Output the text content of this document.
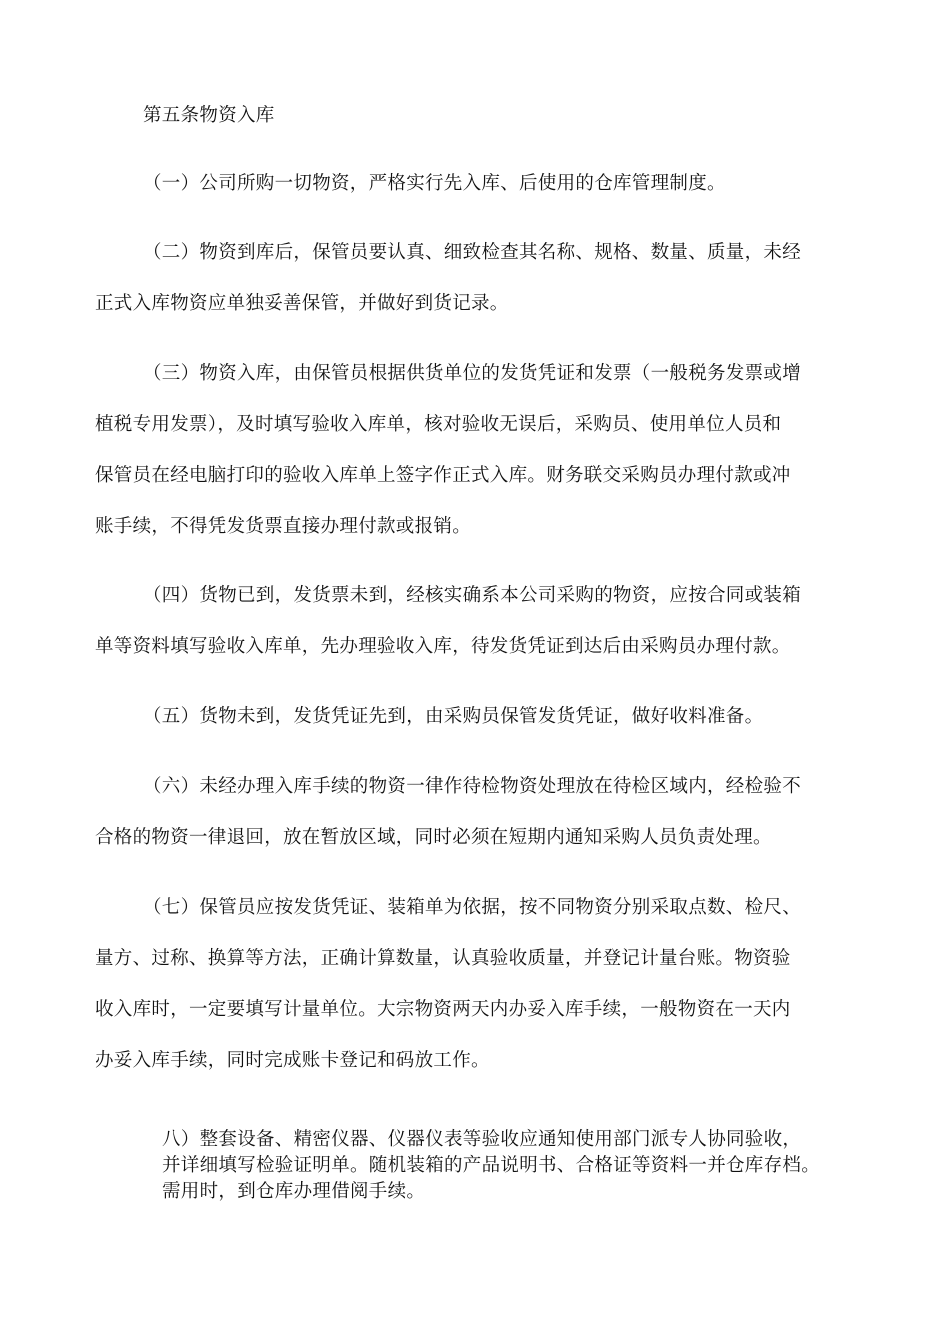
第五条物资入库
（一）公司所购一切物资，严格实行先入库、后使用的仓库管理制度。
（二）物资到库后，保管员要认真、细致检查其名称、规格、数量、质量，未经
正式入库物资应单独妥善保管，并做好到货记录。
（三）物资入库，由保管员根据供货单位的发货凭证和发票（一般税务发票或增
植税专用发票），及时填写验收入库单，核对验收无误后，采购员、使用单位人员和
保管员在经电脑打印的验收入库单上签字作正式入库。财务联交采购员办理付款或冲
账手续，不得凭发货票直接办理付款或报销。
（四）货物已到，发货票未到，经核实确系本公司采购的物资，应按合同或装箱
单等资料填写验收入库单，先办理验收入库，待发货凭证到达后由采购员办理付款。
（五）货物未到，发货凭证先到，由采购员保管发货凭证，做好收料准备。
（六）未经办理入库手续的物资一律作待检物资处理放在待检区域内，经检验不
合格的物资一律退回，放在暂放区域，同时必须在短期内通知采购人员负责处理。
（七）保管员应按发货凭证、装箱单为依据，按不同物资分别采取点数、检尺、
量方、过称、换算等方法，正确计算数量，认真验收质量，并登记计量台账。物资验
收入库时，一定要填写计量单位。大宗物资两天内办妥入库手续，一般物资在一天内
办妥入库手续，同时完成账卡登记和码放工作。
八）整套设备、精密仪器、仪器仪表等验收应通知使用部门派专人协同验收，
并详细填写检验证明单。随机装箱的产品说明书、合格证等资料一并仓库存档。
需用时，到仓库办理借阅手续。
